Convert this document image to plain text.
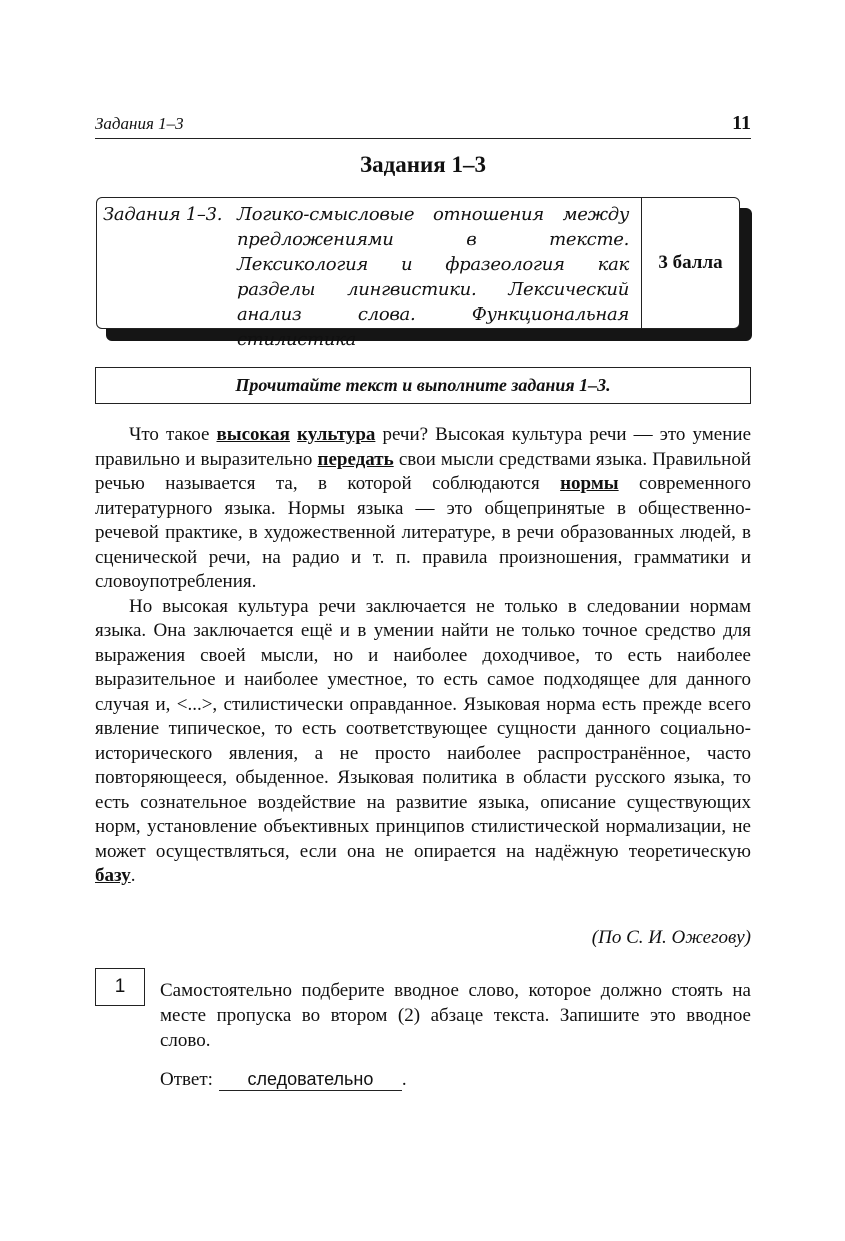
Задания 1–3	11
Задания 1–3
Задания 1–3. Логико-смысловые отношения между предложениями в тексте. Лексикология и фразеология как разделы лингвистики. Лексический анализ слова. Функциональная стилистика
3 балла
Прочитайте текст и выполните задания 1–3.

Что такое высокая культура речи? Высокая культура речи — это умение правильно и выразительно передать свои мысли средствами языка. Правильной речью называется та, в которой соблюдаются нормы современного литературного языка. Нормы языка — это общепринятые в общественно-речевой практике, в художественной литературе, в речи образованных людей, в сценической речи, на радио и т. п. правила произношения, грамматики и словоупотребления.

Но высокая культура речи заключается не только в следовании нормам языка. Она заключается ещё и в умении найти не только точное средство для выражения своей мысли, но и наиболее доходчивое, то есть наиболее выразительное и наиболее уместное, то есть самое подходящее для данного случая и, <...>, стилистически оправданное. Языковая норма есть прежде всего явление типическое, то есть соответствующее сущности данного социально-исторического явления, а не просто наиболее распространённое, часто повторяющееся, обыденное. Языковая политика в области русского языка, то есть сознательное воздействие на развитие языка, описание существующих норм, установление объективных принципов стилистической нормализации, не может осуществляться, если она не опирается на надёжную теоретическую базу.

(По С. И. Ожегову)
1	Самостоятельно подберите вводное слово, которое должно стоять на месте пропуска во втором (2) абзаце текста. Запишите это вводное слово.
Ответ: следовательно .
